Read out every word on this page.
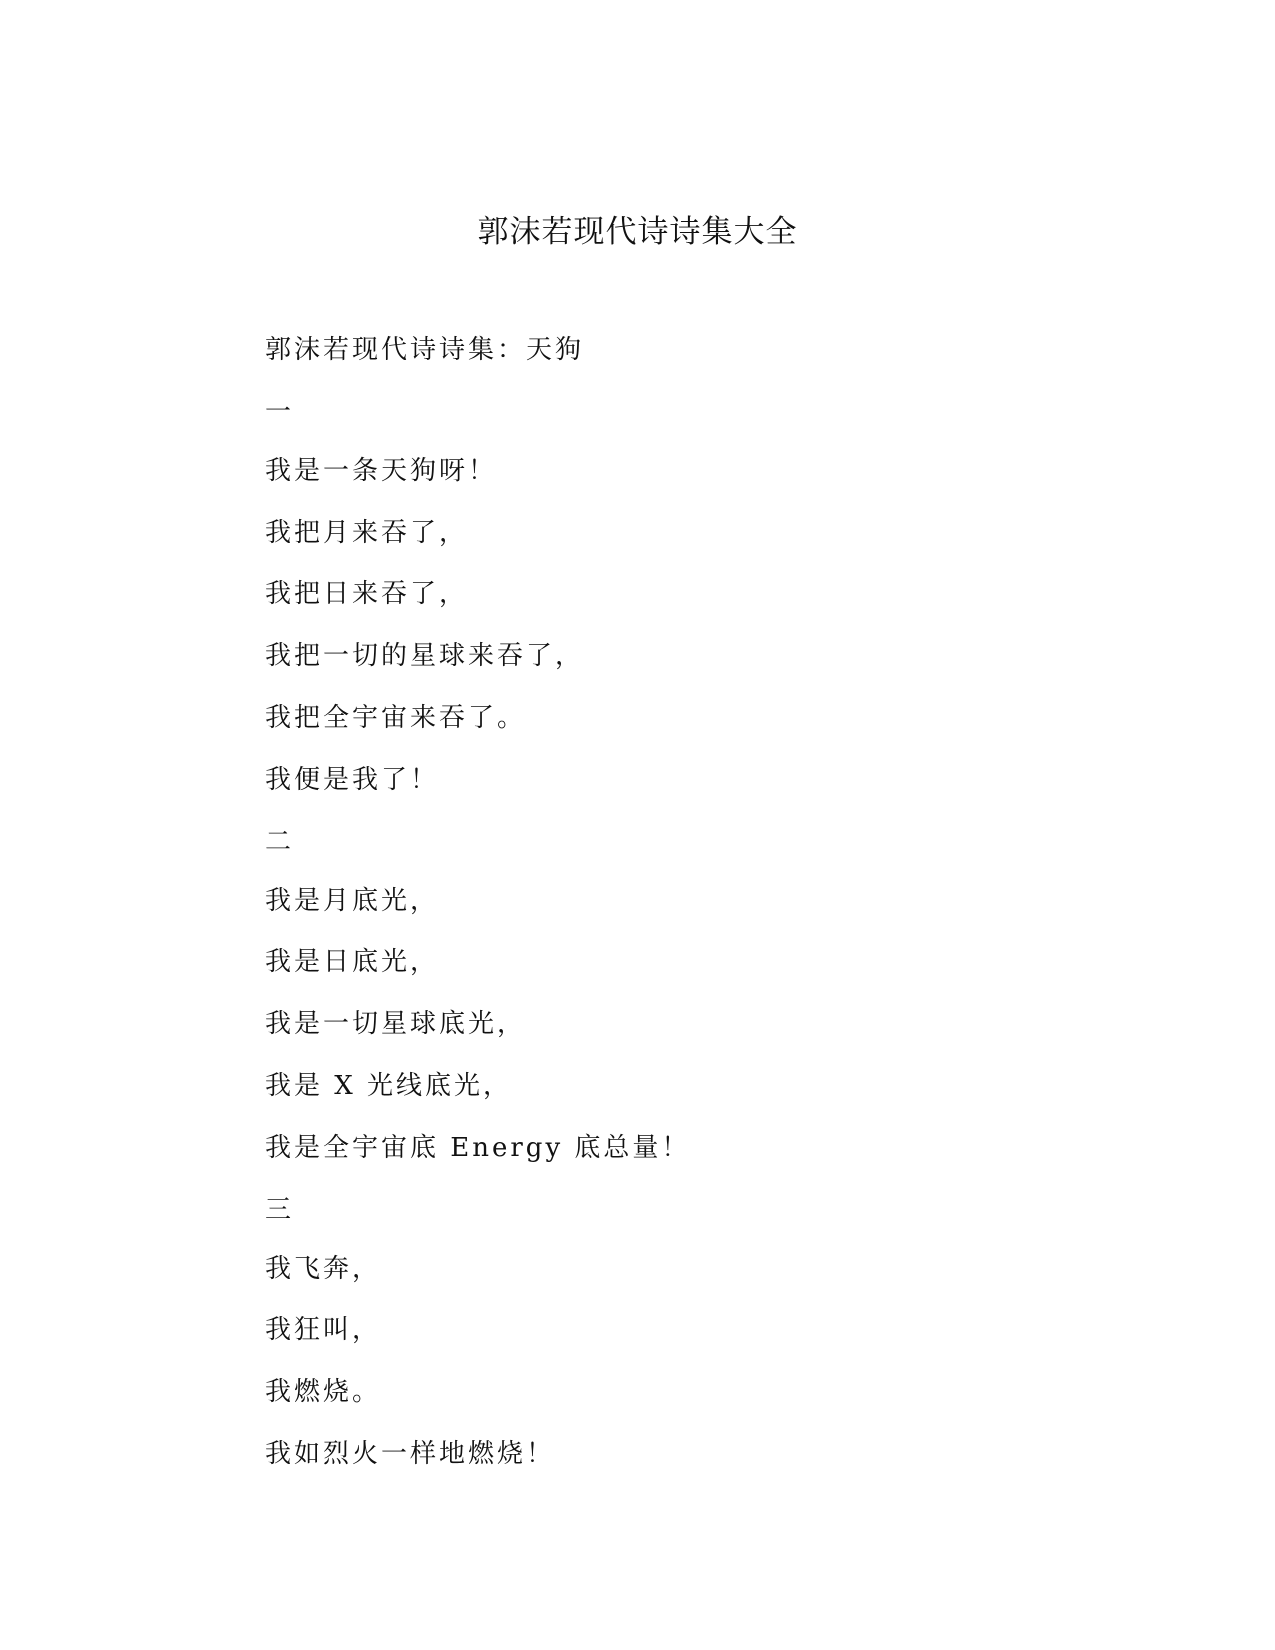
郭沫若现代诗诗集大全
郭沫若现代诗诗集：天狗
一
我是一条天狗呀！
我把月来吞了，
我把日来吞了，
我把一切的星球来吞了，
我把全宇宙来吞了。
我便是我了！
二
我是月底光，
我是日底光，
我是一切星球底光，
我是 X 光线底光，
我是全宇宙底 Energy 底总量！
三
我飞奔，
我狂叫，
我燃烧。
我如烈火一样地燃烧！
